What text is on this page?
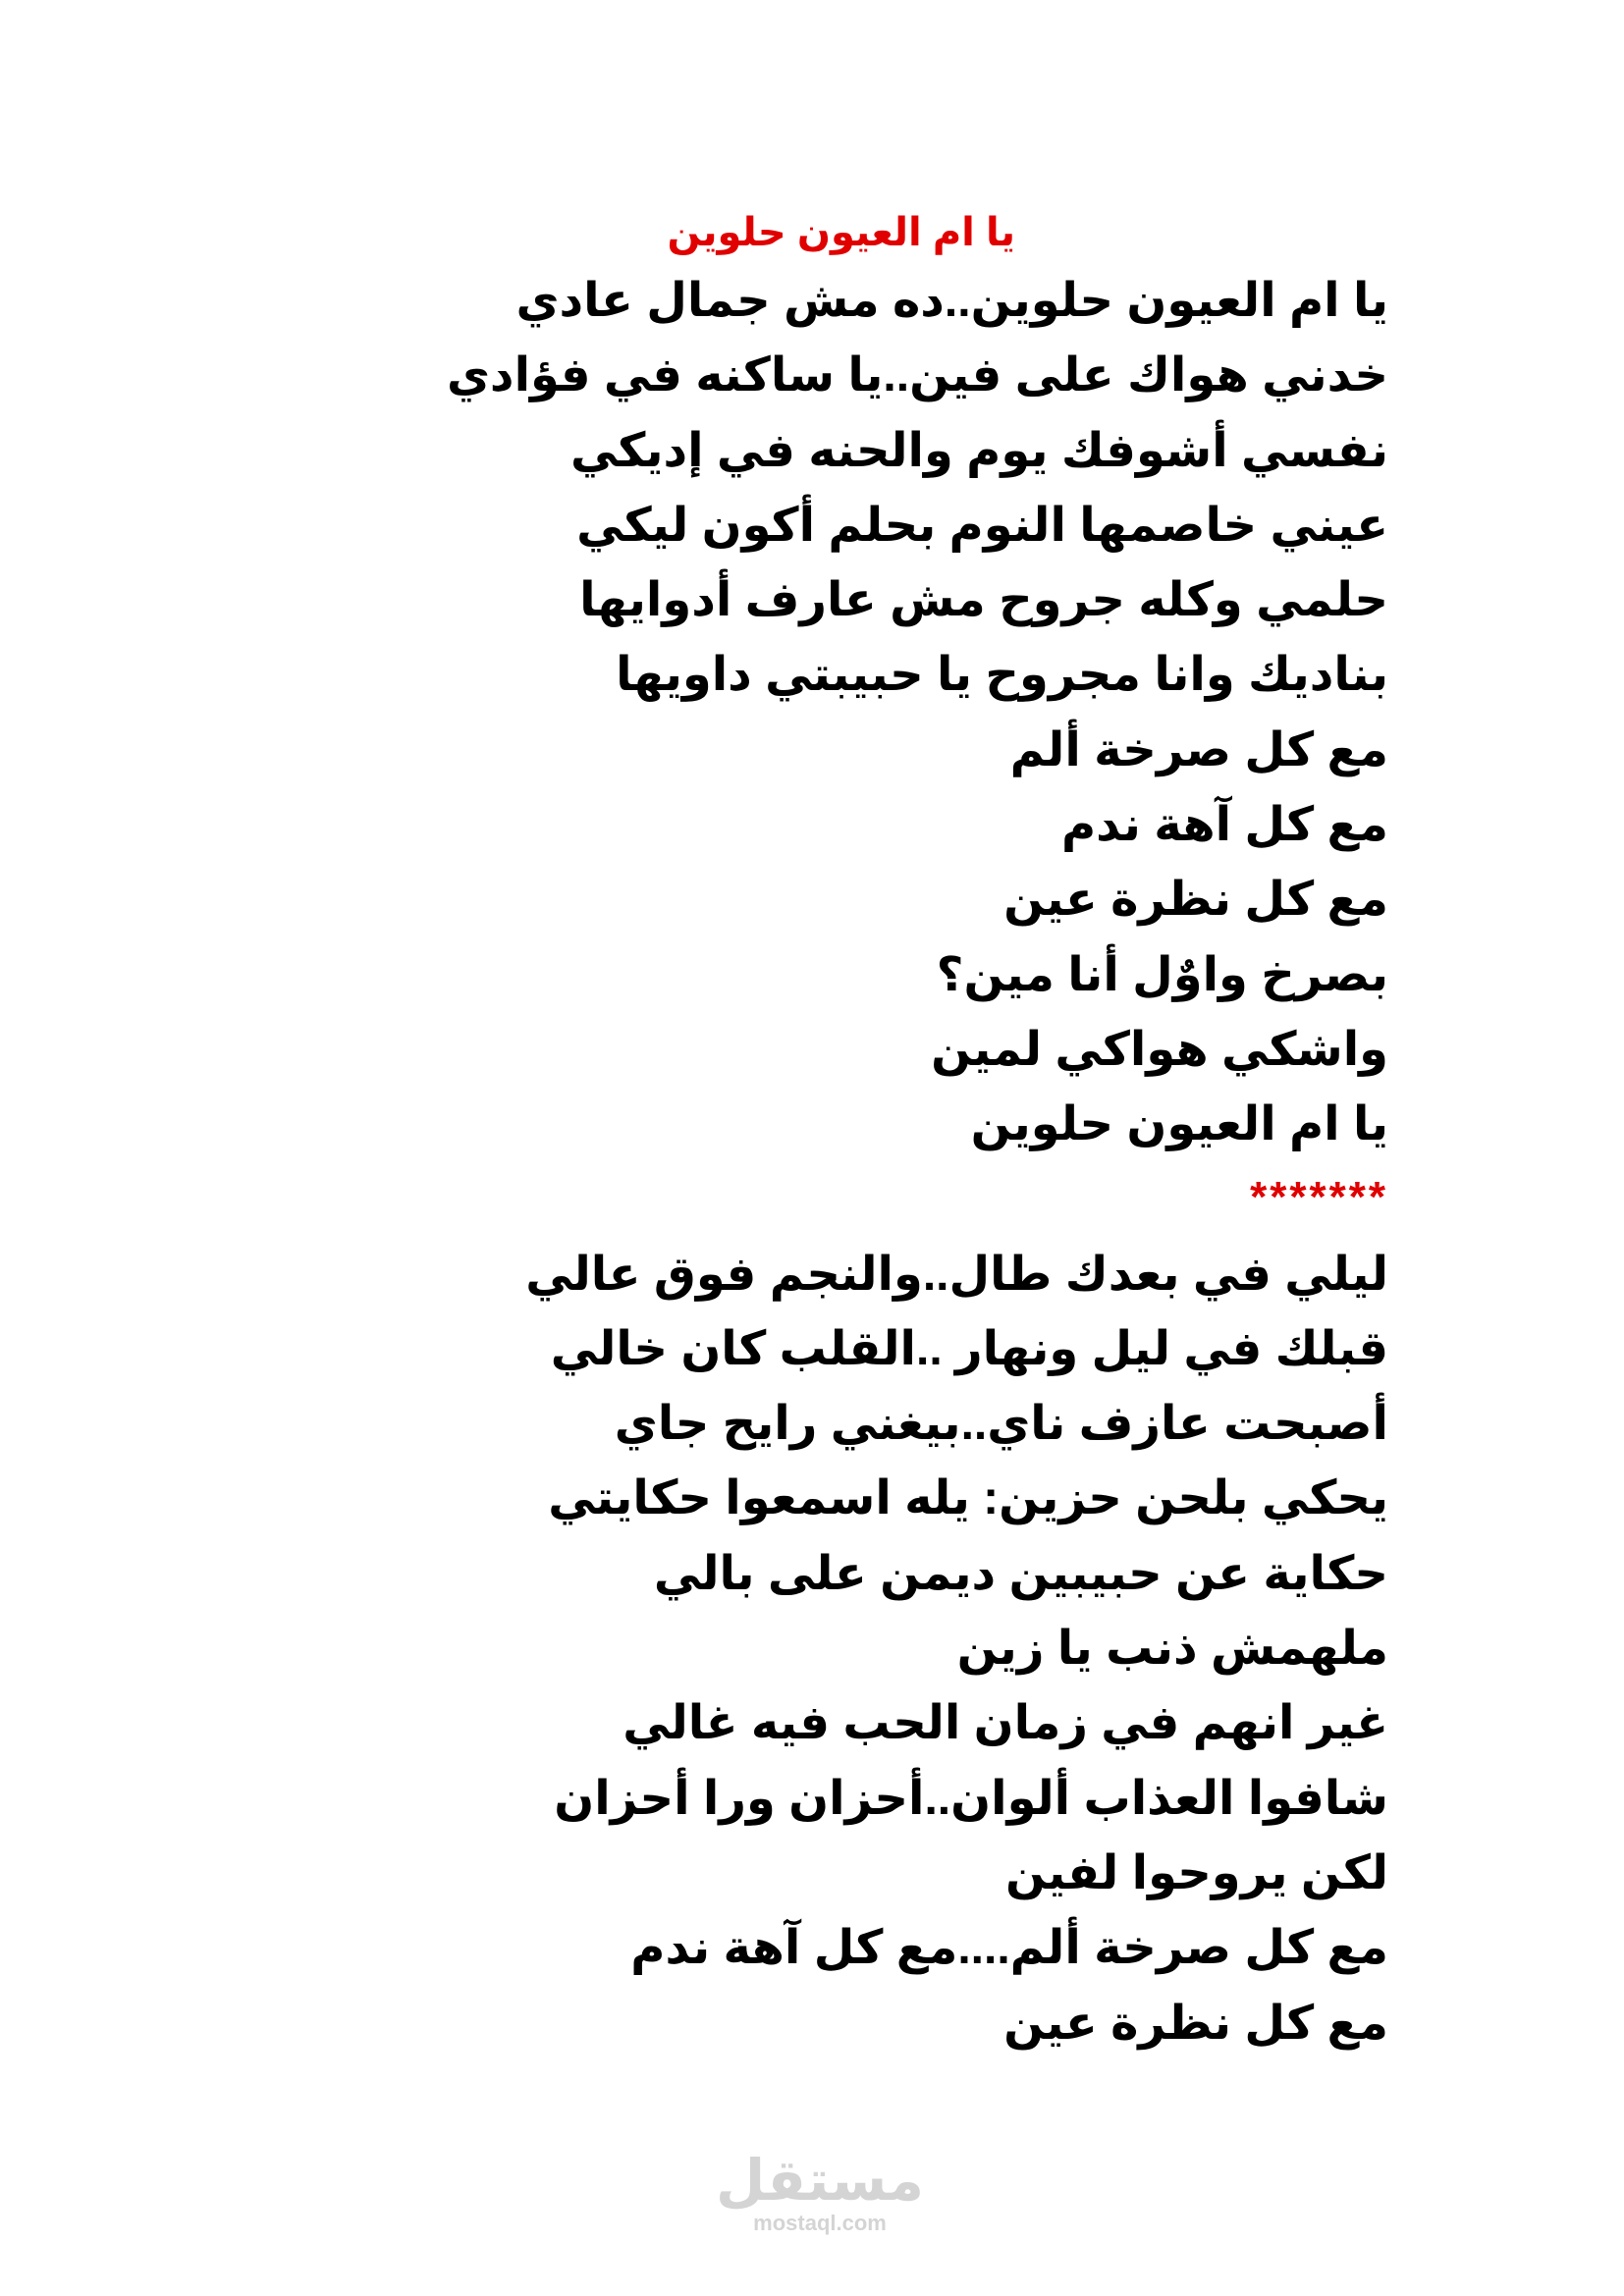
يا ام العيون حلوين
يا ام العيون حلوين..ده مش جمال عادي
خدني هواك على فين..يا ساكنه في فؤادي
نفسي أشوفك يوم والحنه في إديكي
عيني خاصمها النوم بحلم أكون ليكي
حلمي وكله جروح مش عارف أدوايها
بناديك وانا مجروح يا حبيبتي داويها
مع كل صرخة ألم
مع كل آهة ندم
مع كل نظرة عين
بصرخ واوٌل أنا مين؟
واشكي هواكي لمين
يا ام العيون حلوين
*******
ليلي في بعدك طال..والنجم فوق عالي
قبلك في ليل ونهار ..القلب كان خالي
أصبحت عازف ناي..بيغني رايح جاي
يحكي بلحن حزين: يله اسمعوا حكايتي
حكاية عن حبيبين ديمن على بالي
ملهمش ذنب يا زين
غير انهم في زمان الحب فيه غالي
شافوا العذاب ألوان..أحزان ورا أحزان
لكن يروحوا لفين
مع كل صرخة ألم....مع كل آهة ندم
مع كل نظرة عين
مستقل
mostaql.com
